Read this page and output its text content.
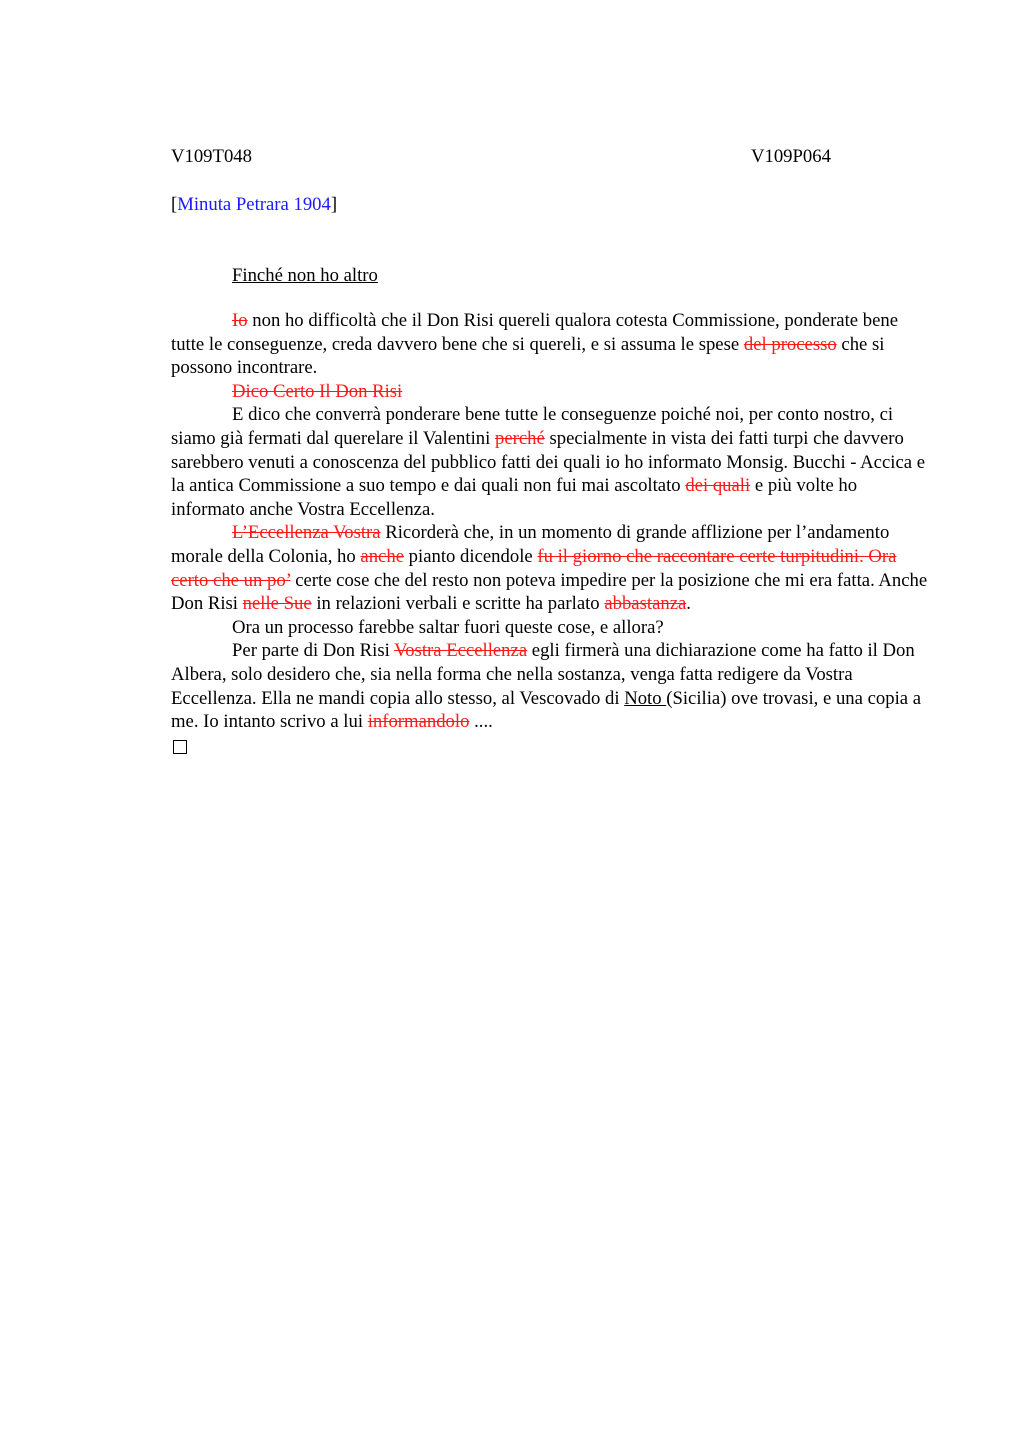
V109T048	V109P064
[Minuta Petrara 1904]
Finché non ho altro

Io non ho difficoltà che il Don Risi quereli qualora cotesta Commissione, ponderate bene tutte le conseguenze, creda davvero bene che si quereli, e si assuma le spese del processo che si possono incontrare.

Dico Certo Il Don Risi

E dico che converrà ponderare bene tutte le conseguenze poiché noi, per conto nostro, ci siamo già fermati dal querelare il Valentini perché specialmente in vista dei fatti turpi che davvero sarebbero venuti a conoscenza del pubblico fatti dei quali io ho informato Monsig. Bucchi - Accica e la antica Commissione a suo tempo e dai quali non fui mai ascoltato dei quali e più volte ho informato anche Vostra Eccellenza.

L’Eccellenza Vostra Ricorderà che, in un momento di grande afflizione per l’andamento morale della Colonia, ho anche pianto dicendole fu il giorno che raccontare certe turpitudini. Ora certo che un po’ certe cose che del resto non poteva impedire per la posizione che mi era fatta. Anche Don Risi nelle Sue in relazioni verbali e scritte ha parlato abbastanza.

Ora un processo farebbe saltar fuori queste cose, e allora?

Per parte di Don Risi Vostra Eccellenza egli firmerà una dichiarazione come ha fatto il Don Albera, solo desidero che, sia nella forma che nella sostanza, venga fatta redigere da Vostra Eccellenza. Ella ne mandi copia allo stesso, al Vescovado di Noto (Sicilia) ove trovasi, e una copia a me. Io intanto scrivo a lui informandolo ....
